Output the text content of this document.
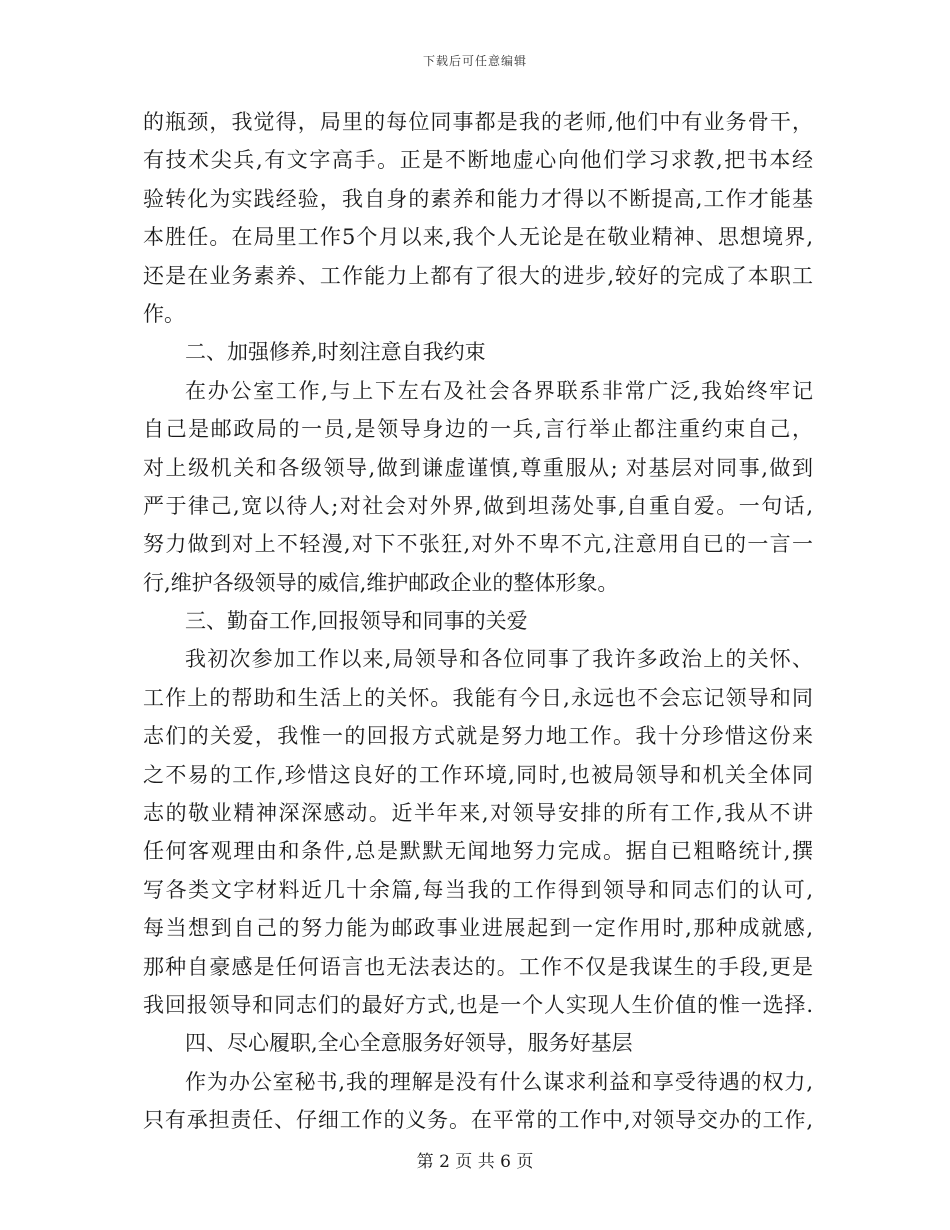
下载后可任意编辑
的瓶颈，我觉得，局里的每位同事都是我的老师,他们中有业务骨干，
有技术尖兵,有文字高手。正是不断地虚心向他们学习求教,把书本经
验转化为实践经验，我自身的素养和能力才得以不断提高,工作才能基
本胜任。在局里工作5个月以来,我个人无论是在敬业精神、思想境界,
还是在业务素养、工作能力上都有了很大的进步,较好的完成了本职工
作。
二、加强修养,时刻注意自我约束
在办公室工作,与上下左右及社会各界联系非常广泛,我始终牢记
自己是邮政局的一员,是领导身边的一兵,言行举止都注重约束自己，
对上级机关和各级领导,做到谦虚谨慎,尊重服从; 对基层对同事,做到
严于律己,宽以待人;对社会对外界,做到坦荡处事,自重自爱。一句话,
努力做到对上不轻漫,对下不张狂,对外不卑不亢,注意用自已的一言一
行,维护各级领导的威信,维护邮政企业的整体形象。
三、勤奋工作,回报领导和同事的关爱
我初次参加工作以来,局领导和各位同事了我许多政治上的关怀、
工作上的帮助和生活上的关怀。我能有今日,永远也不会忘记领导和同
志们的关爱，我惟一的回报方式就是努力地工作。我十分珍惜这份来
之不易的工作,珍惜这良好的工作环境,同时,也被局领导和机关全体同
志的敬业精神深深感动。近半年来,对领导安排的所有工作,我从不讲
任何客观理由和条件,总是默默无闻地努力完成。据自已粗略统计,撰
写各类文字材料近几十余篇,每当我的工作得到领导和同志们的认可,
每当想到自己的努力能为邮政事业进展起到一定作用时,那种成就感,
那种自豪感是任何语言也无法表达的。工作不仅是我谋生的手段,更是
我回报领导和同志们的最好方式,也是一个人实现人生价值的惟一选择.
四、尽心履职,全心全意服务好领导，服务好基层
作为办公室秘书,我的理解是没有什么谋求利益和享受待遇的权力,
只有承担责任、仔细工作的义务。在平常的工作中,对领导交办的工作,
第 2 页 共 6 页
